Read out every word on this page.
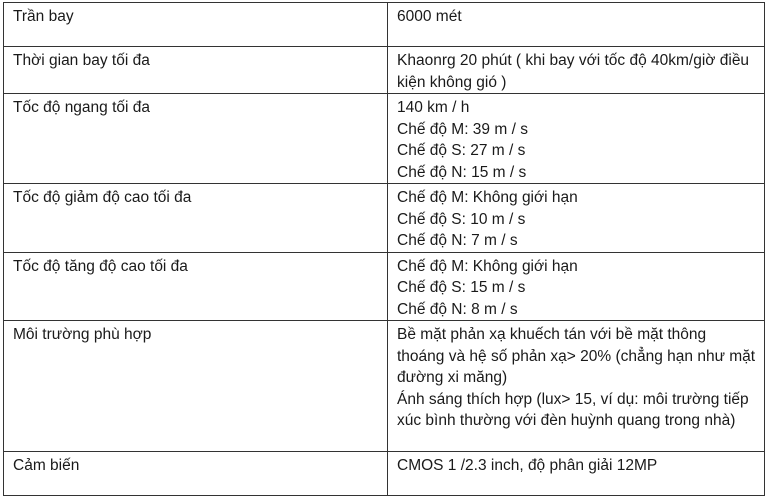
Trần bay	6000 mét

Thời gian bay tối đa	Khaonrg 20 phút ( khi bay với tốc độ 40km/giờ điều kiện không gió )

Tốc độ ngang tối đa	140 km / h
Chế độ M: 39 m / s
Chế độ S: 27 m / s
Chế độ N: 15 m / s

Tốc độ giảm độ cao tối đa	Chế độ M: Không giới hạn
Chế độ S: 10 m / s
Chế độ N: 7 m / s

Tốc độ tăng độ cao tối đa	Chế độ M: Không giới hạn
Chế độ S: 15 m / s
Chế độ N: 8 m / s

Môi trường phù hợp	Bề mặt phản xạ khuếch tán với bề mặt thông thoáng và hệ số phản xạ> 20% (chẳng hạn như mặt đường xi măng)
Ánh sáng thích hợp (lux> 15, ví dụ: môi trường tiếp xúc bình thường với đèn huỳnh quang trong nhà)

Cảm biến	CMOS 1 /2.3 inch, độ phân giải 12MP
